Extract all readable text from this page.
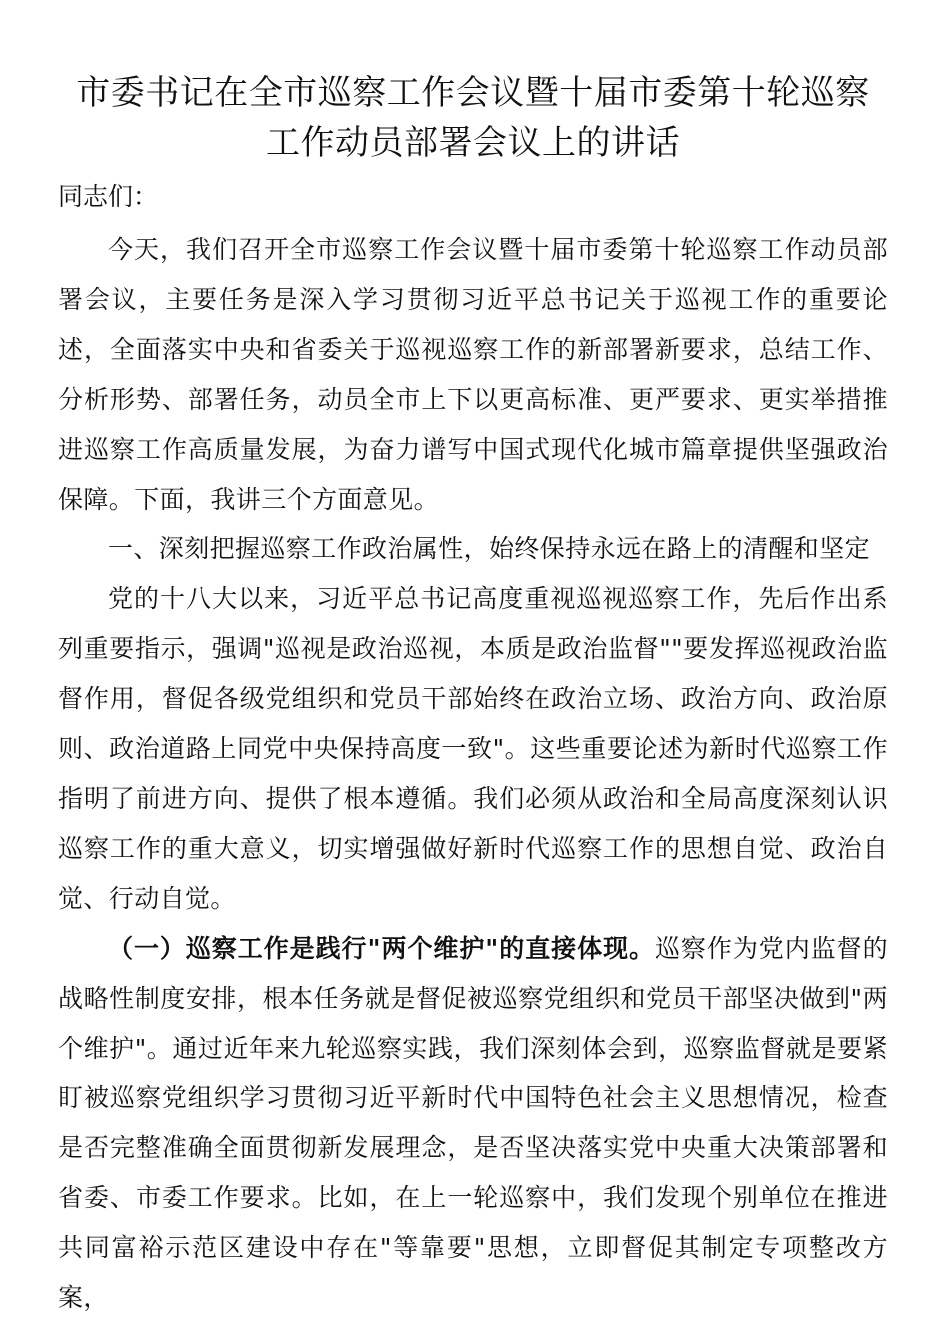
市委书记在全市巡察工作会议暨十届市委第十轮巡察
工作动员部署会议上的讲话

同志们：

今天，我们召开全市巡察工作会议暨十届市委第十轮巡察工作动员部署会议，主要任务是深入学习贯彻习近平总书记关于巡视工作的重要论述，全面落实中央和省委关于巡视巡察工作的新部署新要求，总结工作、分析形势、部署任务，动员全市上下以更高标准、更严要求、更实举措推进巡察工作高质量发展，为奋力谱写中国式现代化城市篇章提供坚强政治保障。下面，我讲三个方面意见。

一、深刻把握巡察工作政治属性，始终保持永远在路上的清醒和坚定

党的十八大以来，习近平总书记高度重视巡视巡察工作，先后作出系列重要指示，强调"巡视是政治巡视，本质是政治监督""要发挥巡视政治监督作用，督促各级党组织和党员干部始终在政治立场、政治方向、政治原则、政治道路上同党中央保持高度一致"。这些重要论述为新时代巡察工作指明了前进方向、提供了根本遵循。我们必须从政治和全局高度深刻认识巡察工作的重大意义，切实增强做好新时代巡察工作的思想自觉、政治自觉、行动自觉。

（一）巡察工作是践行"两个维护"的直接体现。巡察作为党内监督的战略性制度安排，根本任务就是督促被巡察党组织和党员干部坚决做到"两个维护"。通过近年来九轮巡察实践，我们深刻体会到，巡察监督就是要紧盯被巡察党组织学习贯彻习近平新时代中国特色社会主义思想情况，检查是否完整准确全面贯彻新发展理念，是否坚决落实党中央重大决策部署和省委、市委工作要求。比如，在上一轮巡察中，我们发现个别单位在推进共同富裕示范区建设中存在"等靠要"思想，立即督促其制定专项整改方案，
